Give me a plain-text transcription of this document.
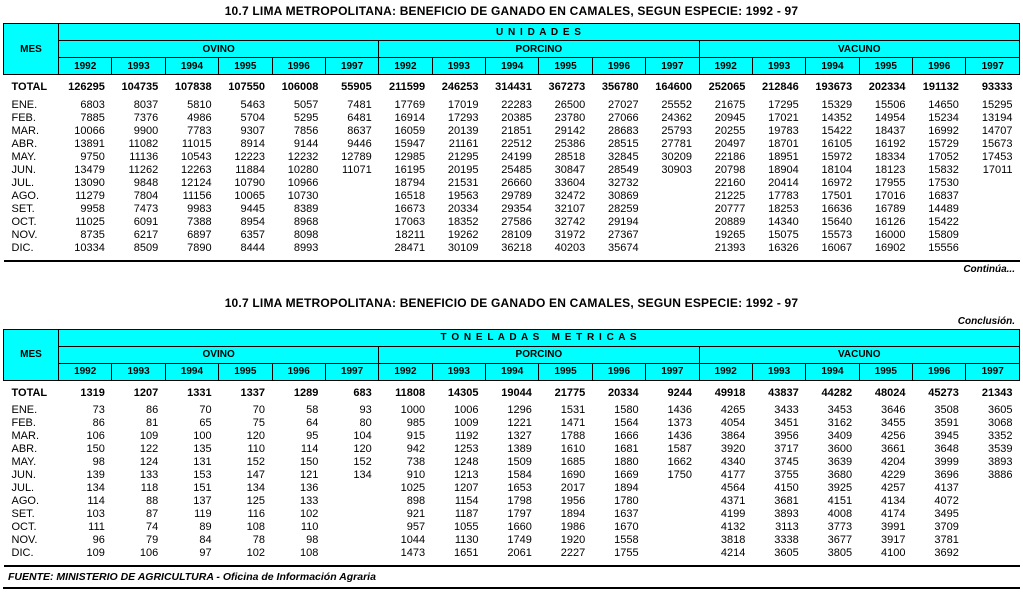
10.7 LIMA METROPOLITANA: BENEFICIO DE GANADO EN CAMALES, SEGUN ESPECIE: 1992 - 97
MES	U N I D A D E S																	
	OVINO						PORCINO						VACUNO					
	1992	1993	1994	1995	1996	1997	1992	1993	1994	1995	1996	1997	1992	1993	1994	1995	1996	1997
TOTAL	126295	104735	107838	107550	106008	55905	211599	246253	314431	367273	356780	164600	252065	212846	193673	202334	191132	93333
ENE.	6803	8037	5810	5463	5057	7481	17769	17019	22283	26500	27027	25552	21675	17295	15329	15506	14650	15295
FEB.	7885	7376	4986	5704	5295	6481	16914	17293	20385	23780	27066	24362	20945	17021	14352	14954	15234	13194
MAR.	10066	9900	7783	9307	7856	8637	16059	20139	21851	29142	28683	25793	20255	19783	15422	18437	16992	14707
ABR.	13891	11082	11015	8914	9144	9446	15947	21161	22512	25386	28515	27781	20497	18701	16105	16192	15729	15673
MAY.	9750	11136	10543	12223	12232	12789	12985	21295	24199	28518	32845	30209	22186	18951	15972	18334	17052	17453
JUN.	13479	11262	12263	11884	10280	11071	16195	20195	25485	30847	28549	30903	20798	18904	18104	18123	15832	17011
JUL.	13090	9848	12124	10790	10966		18794	21531	26660	33604	32732		22160	20414	16972	17955	17530	
AGO.	11279	7804	11156	10065	10730		16518	19563	29789	32472	30869		21225	17783	17501	17016	16837	
SET.	9958	7473	9983	9445	8389		16673	20334	29354	32107	28259		20777	18253	16636	16789	14489	
OCT.	11025	6091	7388	8954	8968		17063	18352	27586	32742	29194		20889	14340	15640	16126	15422	
NOV.	8735	6217	6897	6357	8098		18211	19262	28109	31972	27367		19265	15075	15573	16000	15809	
DIC.	10334	8509	7890	8444	8993		28471	30109	36218	40203	35674		21393	16326	16067	16902	15556	
Continúa...
10.7 LIMA METROPOLITANA: BENEFICIO DE GANADO EN CAMALES, SEGUN ESPECIE: 1992 - 97
Conclusión.
MES	T O N E L A D A S   M E T R I C A S																	
	OVINO						PORCINO						VACUNO					
	1992	1993	1994	1995	1996	1997	1992	1993	1994	1995	1996	1997	1992	1993	1994	1995	1996	1997
TOTAL	1319	1207	1331	1337	1289	683	11808	14305	19044	21775	20334	9244	49918	43837	44282	48024	45273	21343
ENE.	73	86	70	70	58	93	1000	1006	1296	1531	1580	1436	4265	3433	3453	3646	3508	3605
FEB.	86	81	65	75	64	80	985	1009	1221	1471	1564	1373	4054	3451	3162	3455	3591	3068
MAR.	106	109	100	120	95	104	915	1192	1327	1788	1666	1436	3864	3956	3409	4256	3945	3352
ABR.	150	122	135	110	114	120	942	1253	1389	1610	1681	1587	3920	3717	3600	3661	3648	3539
MAY.	98	124	131	152	150	152	738	1248	1509	1685	1880	1662	4340	3745	3639	4204	3999	3893
JUN.	139	133	153	147	121	134	910	1213	1584	1690	1669	1750	4177	3755	3680	4229	3696	3886
JUL.	134	118	151	134	136		1025	1207	1653	2017	1894		4564	4150	3925	4257	4137	
AGO.	114	88	137	125	133		898	1154	1798	1956	1780		4371	3681	4151	4134	4072	
SET.	103	87	119	116	102		921	1187	1797	1894	1637		4199	3893	4008	4174	3495	
OCT.	111	74	89	108	110		957	1055	1660	1986	1670		4132	3113	3773	3991	3709	
NOV.	96	79	84	78	98		1044	1130	1749	1920	1558		3818	3338	3677	3917	3781	
DIC.	109	106	97	102	108		1473	1651	2061	2227	1755		4214	3605	3805	4100	3692	
FUENTE: MINISTERIO DE AGRICULTURA - Oficina de Información Agraria
